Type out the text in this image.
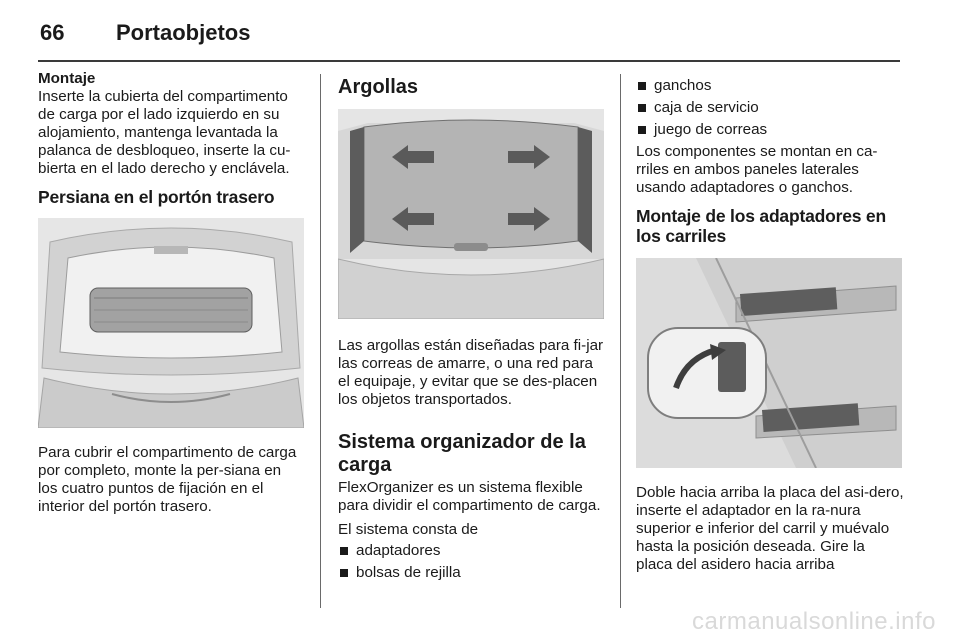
66 Portaobjetos

Montaje

Inserte la cubierta del compartimento de carga por el lado izquierdo en su alojamiento, mantenga levantada la palanca de desbloqueo, inserte la cu-bierta en el lado derecho y enclávela.

Persiana en el portón trasero

Para cubrir el compartimento de carga por completo, monte la per-siana en los cuatro puntos de fijación en el interior del portón trasero.

Argollas

Las argollas están diseñadas para fi-jar las correas de amarre, o una red para el equipaje, y evitar que se des-placen los objetos transportados.

Sistema organizador de la carga

FlexOrganizer es un sistema flexible para dividir el compartimento de carga.

El sistema consta de

adaptadores
bolsas de rejilla
ganchos
caja de servicio
juego de correas

Los componentes se montan en ca-rriles en ambos paneles laterales usando adaptadores o ganchos.

Montaje de los adaptadores en los carriles

Doble hacia arriba la placa del asi-dero, inserte el adaptador en la ra-nura superior e inferior del carril y muévalo hasta la posición deseada. Gire la placa del asidero hacia arriba

carmanualsonline.info
